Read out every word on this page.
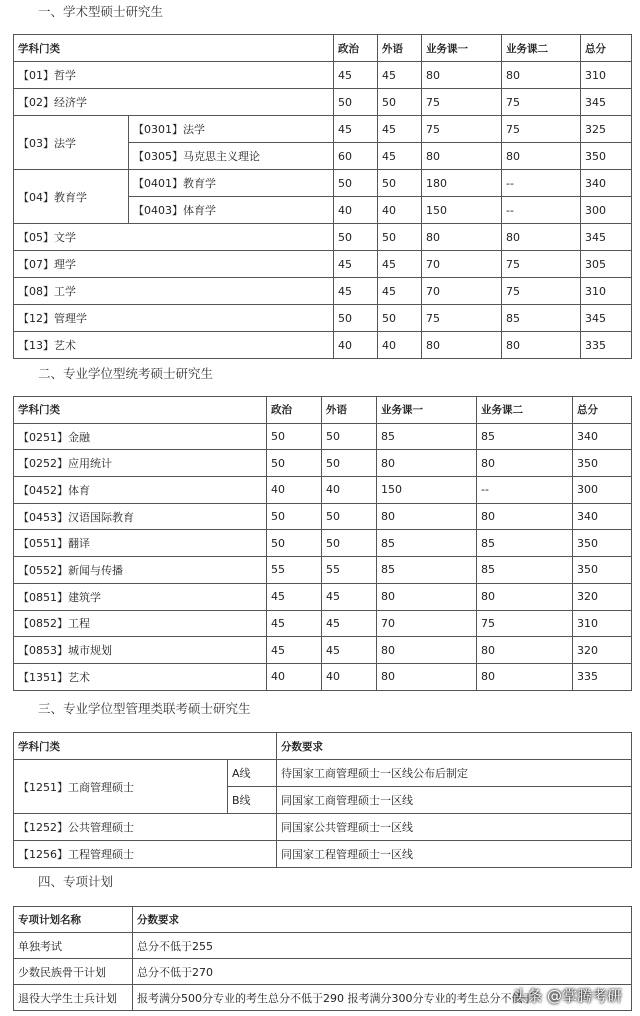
一、学术型硕士研究生
学科门类		政治	外语	业务课一	业务课二	总分
【01】哲学		45	45	80	80	310
【02】经济学		50	50	75	75	345
【03】法学	【0301】法学	45	45	75	75	325
	【0305】马克思主义理论	60	45	80	80	350
【04】教育学	【0401】教育学	50	50	180	--	340
	【0403】体育学	40	40	150	--	300
【05】文学		50	50	80	80	345
【07】理学		45	45	70	75	305
【08】工学		45	45	70	75	310
【12】管理学		50	50	75	85	345
【13】艺术		40	40	80	80	335
二、专业学位型统考硕士研究生
学科门类	政治	外语	业务课一	业务课二	总分
【0251】金融	50	50	85	85	340
【0252】应用统计	50	50	80	80	350
【0452】体育	40	40	150	--	300
【0453】汉语国际教育	50	50	80	80	340
【0551】翻译	50	50	85	85	350
【0552】新闻与传播	55	55	85	85	350
【0851】建筑学	45	45	80	80	320
【0852】工程	45	45	70	75	310
【0853】城市规划	45	45	80	80	320
【1351】艺术	40	40	80	80	335
三、专业学位型管理类联考硕士研究生
学科门类		分数要求
【1251】工商管理硕士	A线	待国家工商管理硕士一区线公布后制定
	B线	同国家工商管理硕士一区线
【1252】公共管理硕士		同国家公共管理硕士一区线
【1256】工程管理硕士		同国家工程管理硕士一区线
四、专项计划
专项计划名称	分数要求
单独考试	总分不低于255
少数民族骨干计划	总分不低于270
退役大学生士兵计划	报考满分500分专业的考生总分不低于290 报考满分300分专业的考生总分不低于
头条 @掌腾考研
